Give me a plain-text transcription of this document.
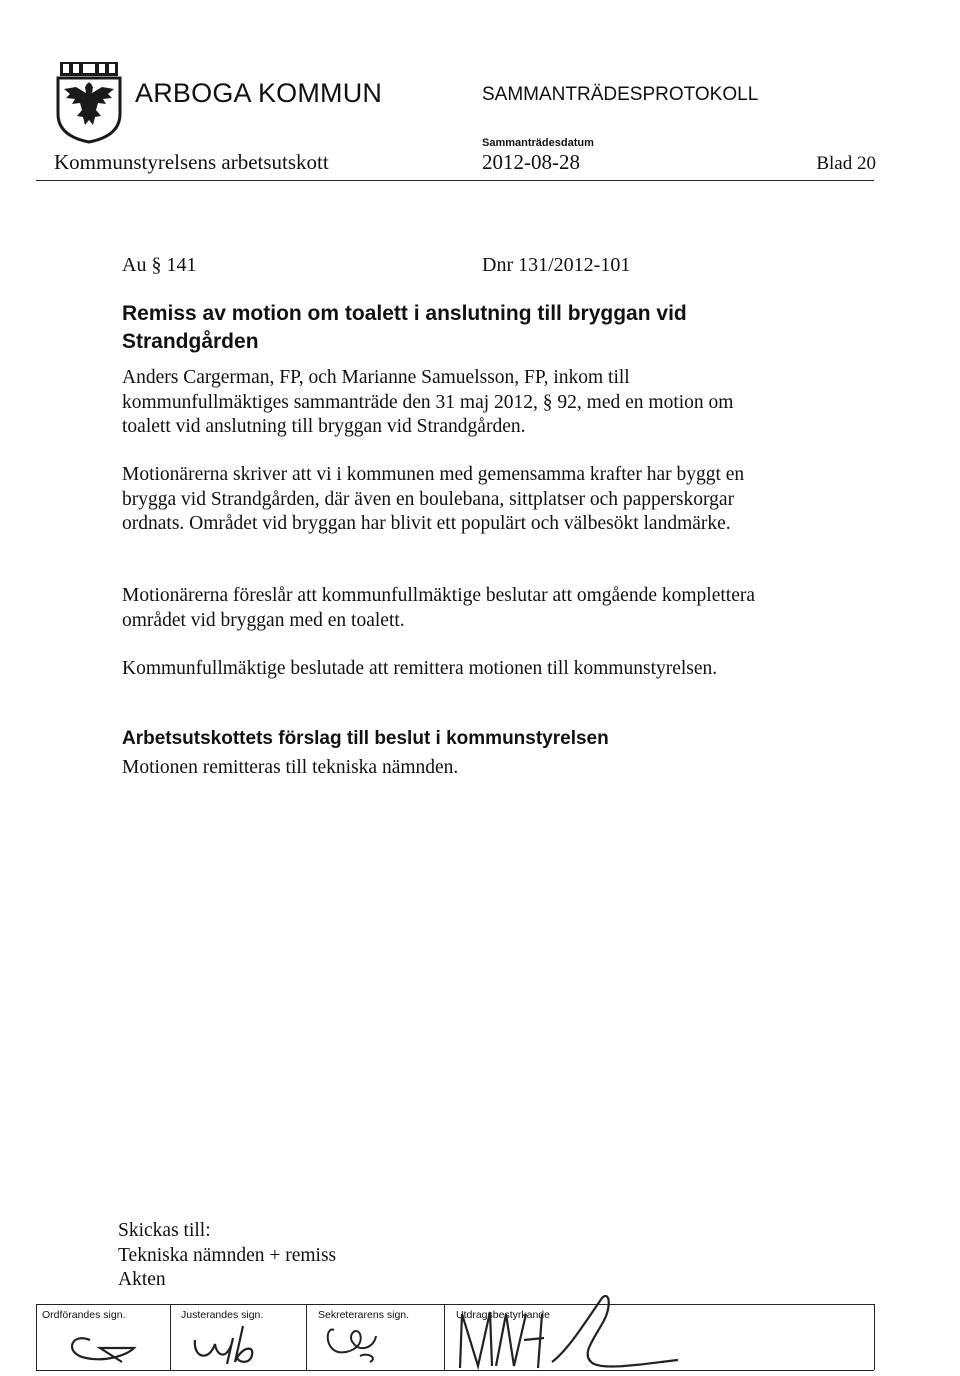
ARBOGA KOMMUN	SAMMANTRÄDESPROTOKOLL
Sammanträdesdatum
Kommunstyrelsens arbetsutskott	2012-08-28	Blad 20
Au § 141	Dnr 131/2012-101
Remiss av motion om toalett i anslutning till bryggan vid Strandgården

Anders Cargerman, FP, och Marianne Samuelsson, FP, inkom till kommunfullmäktiges sammanträde den 31 maj 2012, § 92, med en motion om toalett vid anslutning till bryggan vid Strandgården.

Motionärerna skriver att vi i kommunen med gemensamma krafter har byggt en brygga vid Strandgården, där även en boulebana, sittplatser och papperskorgar ordnats. Området vid bryggan har blivit ett populärt och välbesökt landmärke.

Motionärerna föreslår att kommunfullmäktige beslutar att omgående komplettera området vid bryggan med en toalett.

Kommunfullmäktige beslutade att remittera motionen till kommunstyrelsen.

Arbetsutskottets förslag till beslut i kommunstyrelsen
Motionen remitteras till tekniska nämnden.
Skickas till:
Tekniska nämnden + remiss
Akten
Ordförandes sign.	Justerandes sign.	Sekreterarens sign.	Utdragsbestyrkande
